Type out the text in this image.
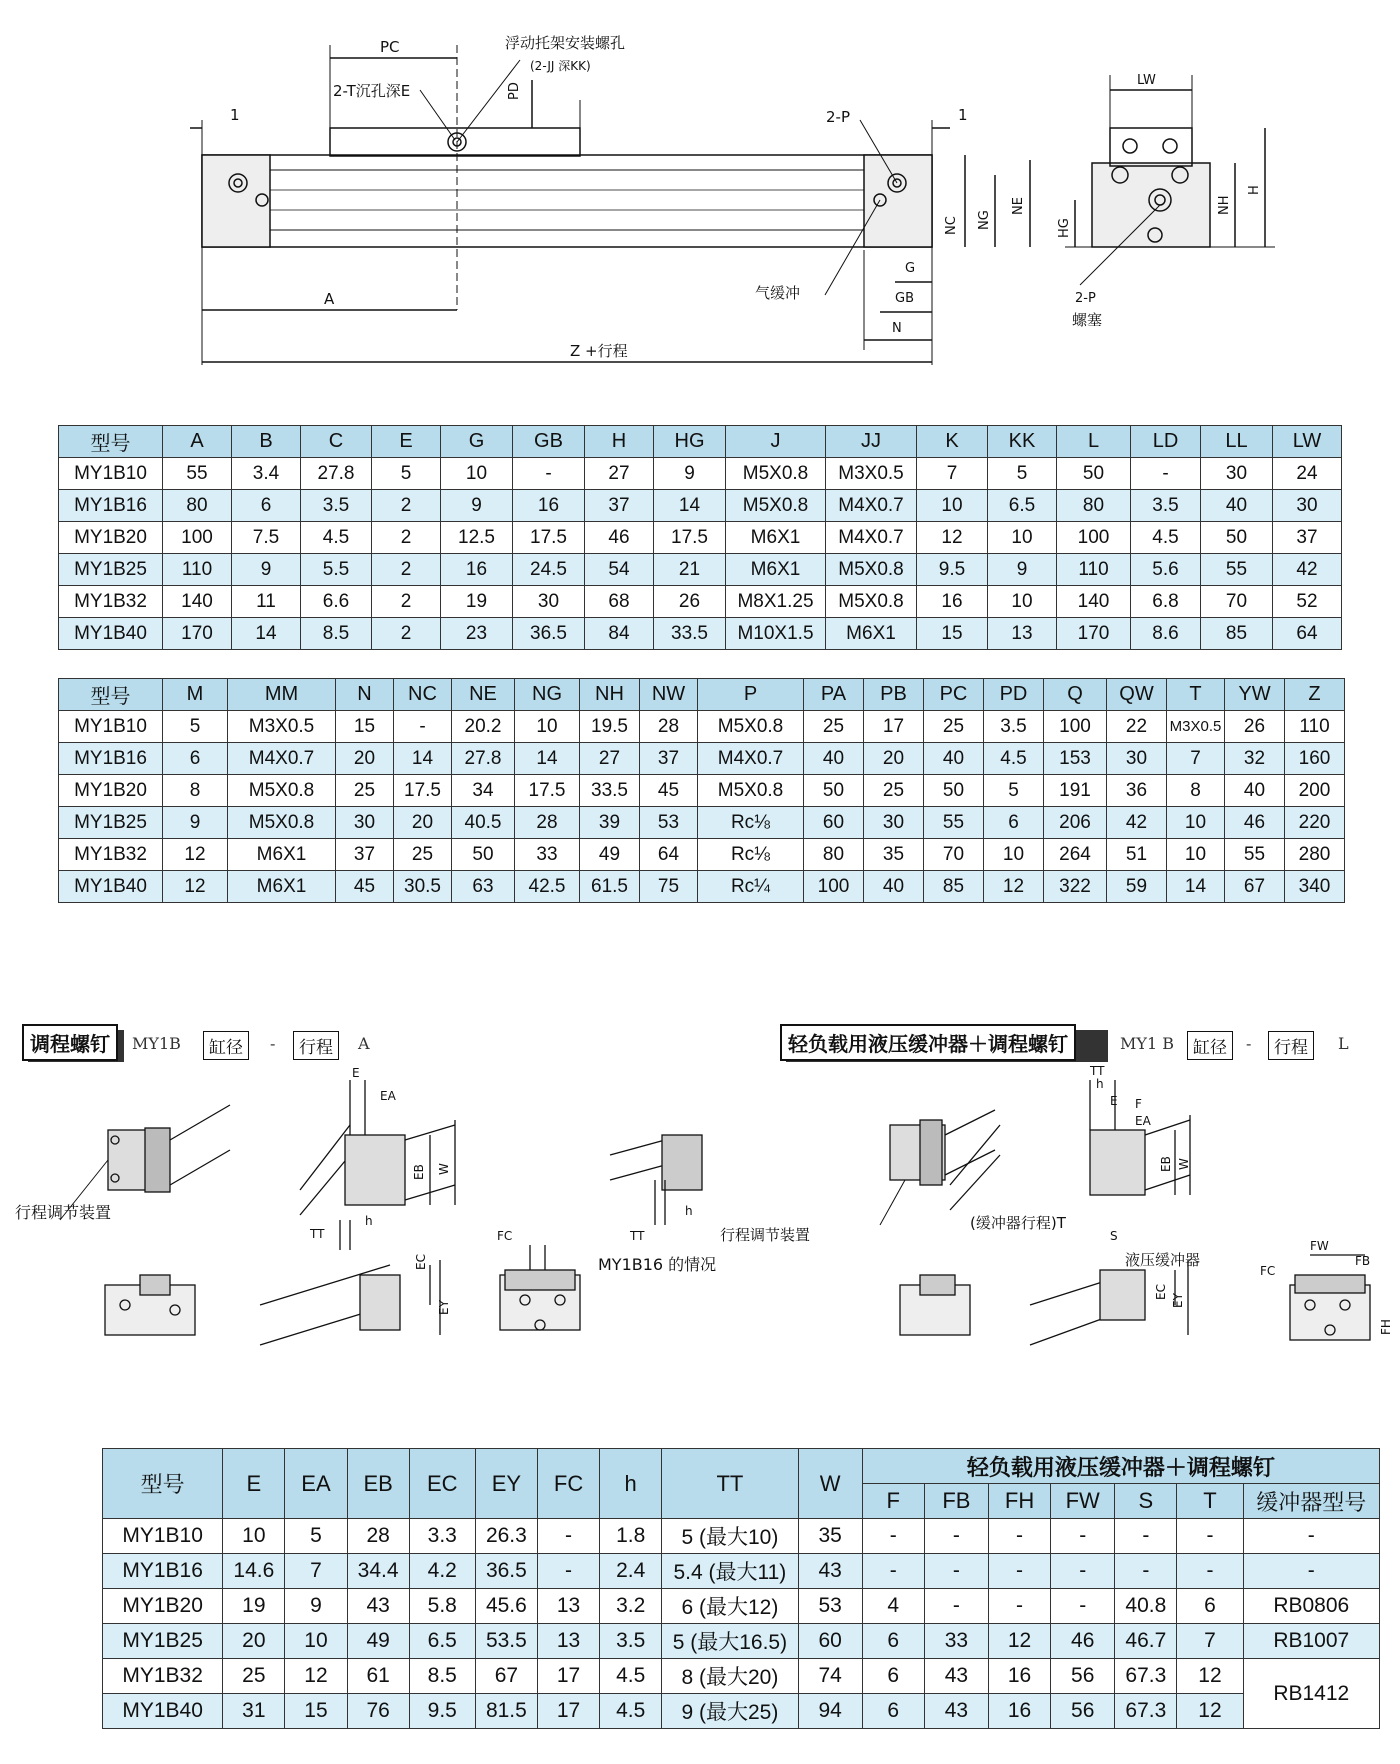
PC
PD
A
Z +行程
1	1
2-P
2-T沉孔深E
浮动托架安装螺孔
(2-JJ 深KK)
NC NG
NE
G
GB
N
气缓冲
LW
HG
NH
H
2-P
螺塞
型号	A	B	C	E	G	GB	H	HG	J	JJ	K	KK	L	LD	LL	LW
MY1B10	55	3.4	27.8	5	10	-	27	9	M5X0.8	M3X0.5	7	5	50	-	30	24
MY1B16	80	6	3.5	2	9	16	37	14	M5X0.8	M4X0.7	10	6.5	80	3.5	40	30
MY1B20	100	7.5	4.5	2	12.5	17.5	46	17.5	M6X1	M4X0.7	12	10	100	4.5	50	37
MY1B25	110	9	5.5	2	16	24.5	54	21	M6X1	M5X0.8	9.5	9	110	5.6	55	42
MY1B32	140	11	6.6	2	19	30	68	26	M8X1.25	M5X0.8	16	10	140	6.8	70	52
MY1B40	170	14	8.5	2	23	36.5	84	33.5	M10X1.5	M6X1	15	13	170	8.6	85	64
型号	M	MM	N	NC	NE	NG	NH	NW	P	PA	PB	PC	PD	Q	QW	T	YW	Z
MY1B10	5	M3X0.5	15	-	20.2	10	19.5	28	M5X0.8	25	17	25	3.5	100	22	M3X0.5	26	110
MY1B16	6	M4X0.7	20	14	27.8	14	27	37	M4X0.7	40	20	40	4.5	153	30	7	32	160
MY1B20	8	M5X0.8	25	17.5	34	17.5	33.5	45	M5X0.8	50	25	50	5	191	36	8	40	200
MY1B25	9	M5X0.8	30	20	40.5	28	39	53	Rc⅛	60	30	55	6	206	42	10	46	220
MY1B32	12	M6X1	37	25	50	33	49	64	Rc⅛	80	35	70	10	264	51	10	55	280
MY1B40	12	M6X1	45	30.5	63	42.5	61.5	75	Rc¼	100	40	85	12	322	59	14	67	340
调程螺钉	MY1B	缸径	-	行程	A	轻负载用液压缓冲器＋调程螺钉	MY1 B	缸径	-	行程	L
E
EA
EB W
TT
h
EC
EY
FC	TT
h
MY1B16 的情况
行程调节装置
TT
h
E F
EA
EB W
行程调节装置
(缓冲器行程)T
S
液压缓冲器
EC
EY
FW
FB
FC
FH
型号	E	EA	EB	EC	EY	FC	h	TT	W	轻负载用液压缓冲器＋调程螺钉						
										F	FB	FH	FW	S	T	缓冲器型号
MY1B10	10	5	28	3.3	26.3	-	1.8	5 (最大10)	35	-	-	-	-	-	-	-
MY1B16	14.6	7	34.4	4.2	36.5	-	2.4	5.4 (最大11)	43	-	-	-	-	-	-	-
MY1B20	19	9	43	5.8	45.6	13	3.2	6 (最大12)	53	4	-	-	-	40.8	6	RB0806
MY1B25	20	10	49	6.5	53.5	13	3.5	5 (最大16.5)	60	6	33	12	46	46.7	7	RB1007
MY1B32	25	12	61	8.5	67	17	4.5	8 (最大20)	74	6	43	16	56	67.3	12	RB1412
MY1B40	31	15	76	9.5	81.5	17	4.5	9 (最大25)	94	6	43	16	56	67.3	12	
